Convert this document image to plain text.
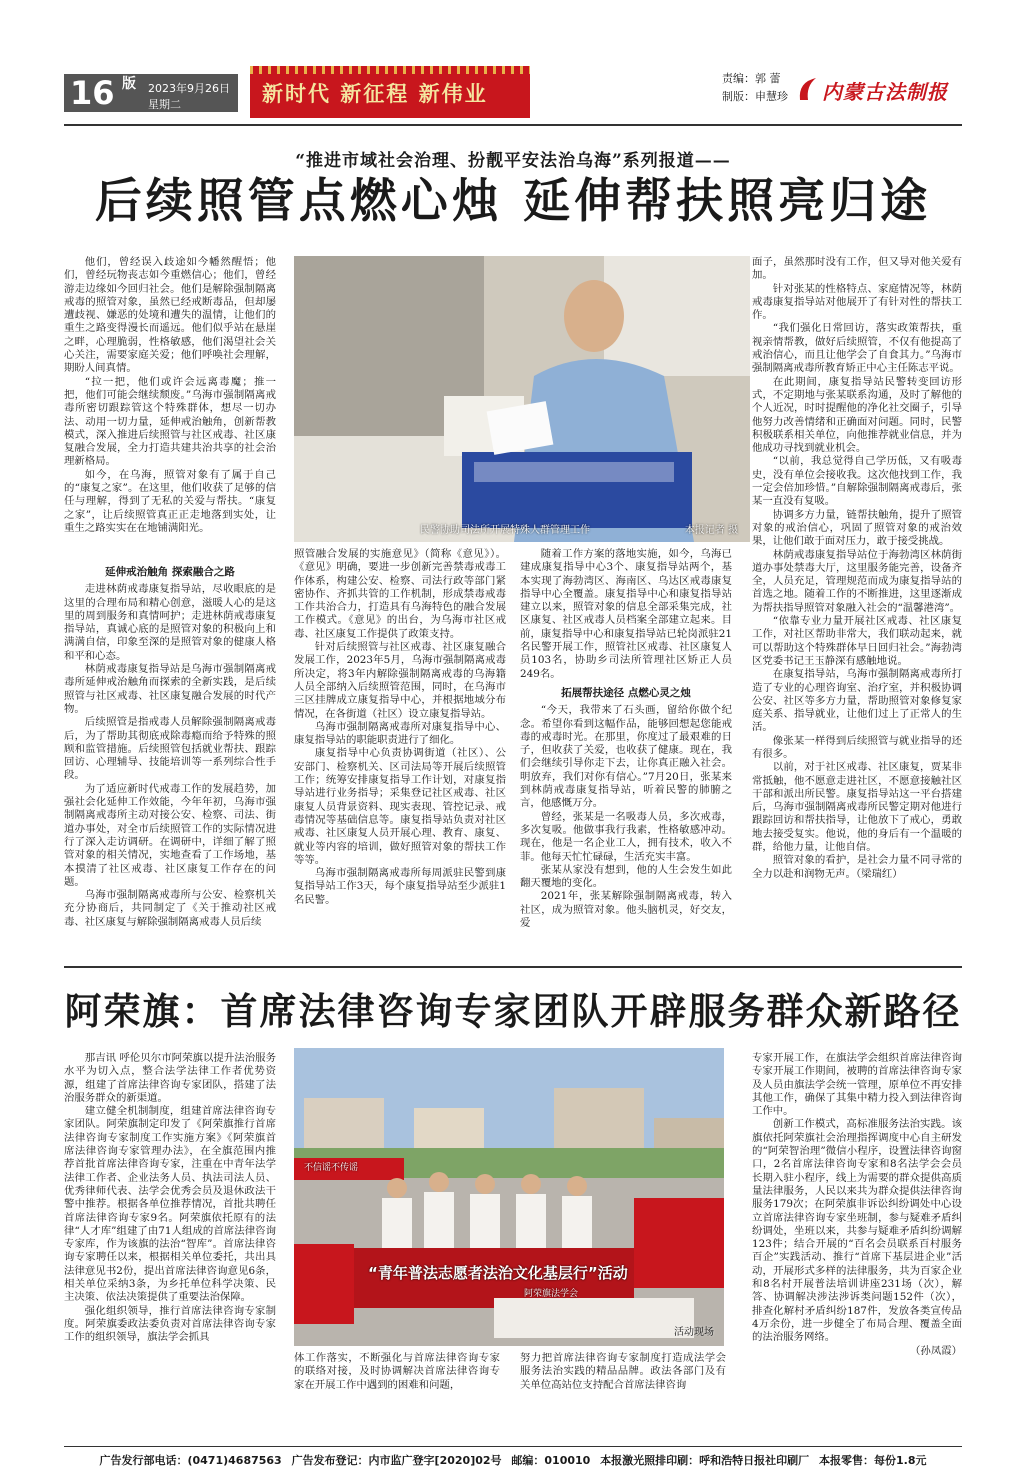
16 版 2023年9月26日
星期二	新时代 新征程 新伟业
责编：郭 蕾
制版：申慧珍 内蒙古法制报
“推进市域社会治理、扮靓平安法治乌海”系列报道——
后续照管点燃心烛 延伸帮扶照亮归途

他们，曾经误入歧途如今幡然醒悟；他们，曾经玩物丧志如今重燃信心；他们，曾经游走边缘如今回归社会。他们是解除强制隔离戒毒的照管对象，虽然已经戒断毒品，但却屡遭歧视、嫌恶的处境和遭失的温情，让他们的重生之路变得漫长而遥远。他们似乎站在悬崖之畔，心理脆弱，性格敏感，他们渴望社会关心关注，需要家庭关爱；他们呼唤社会理解，期盼人间真情。

“拉一把，他们或许会远离毒魔；推一把，他们可能会继续颓废。”乌海市强制隔离戒毒所密切跟踪管这个特殊群体，想尽一切办法、动用一切力量，延伸戒治触角，创新帮教模式，深入推进后续照管与社区戒毒、社区康复融合发展，全力打造共建共治共享的社会治理新格局。

如今，在乌海，照管对象有了属于自己的“康复之家”。在这里，他们收获了足够的信任与理解，得到了无私的关爱与帮扶。“康复之家”，让后续照管真正正走地落到实处，让重生之路实实在在地铺满阳光。	民警协助司法所开展特殊人群管理工作	本报记者 摄

延伸戒治触角 探索融合之路

走进林荫戒毒康复指导站，尽收眼底的是这里的合理布局和精心创意，滋暖人心的是这里的周到服务和真情呵护；走进林荫戒毒康复指导站，真诚心底的是照管对象的积极向上和满满自信，印象至深的是照管对象的健康人格和平和心态。

林荫戒毒康复指导站是乌海市强制隔离戒毒所延伸戒治触角而探索的全新实践，是后续照管与社区戒毒、社区康复融合发展的时代产物。

后续照管是指戒毒人员解除强制隔离戒毒后，为了帮助其彻底戒除毒瘾而给予特殊的照顾和监管措施。后续照管包括就业帮扶、跟踪回访、心理辅导、技能培训等一系列综合性手段。

为了适应新时代戒毒工作的发展趋势，加强社会化延伸工作效能，今年年初，乌海市强制隔离戒毒所主动对接公安、检察、司法、街道办事处，对全市后续照管工作的实际情况进行了深入走访调研。在调研中，详细了解了照管对象的相关情况，实地查看了工作场地，基本摸清了社区戒毒、社区康复工作存在的问题。

乌海市强制隔离戒毒所与公安、检察机关充分协商后，共同制定了《关于推动社区戒毒、社区康复与解除强制隔离戒毒人员后续

照管融合发展的实施意见》（简称《意见》）。《意见》明确，要进一步创新完善禁毒戒毒工作体系，构建公安、检察、司法行政等部门紧密协作、齐抓共管的工作机制，形成禁毒戒毒工作共治合力，打造具有乌海特色的融合发展工作模式。《意见》的出台，为乌海市社区戒毒、社区康复工作提供了政策支持。

针对后续照管与社区戒毒、社区康复融合发展工作，2023年5月，乌海市强制隔离戒毒所决定，将3年内解除强制隔离戒毒的乌海籍人员全部纳入后续照管范围，同时，在乌海市三区挂牌成立康复指导中心，并根据地域分布情况，在各街道（社区）设立康复指导站。

乌海市强制隔离戒毒所对康复指导中心、康复指导站的职能职责进行了细化。

康复指导中心负责协调街道（社区）、公安部门、检察机关、区司法局等开展后续照管工作；统筹安排康复指导工作计划，对康复指导站进行业务指导；采集登记社区戒毒、社区康复人员背景资料、现实表现、管控记录、戒毒情况等基础信息等。康复指导站负责对社区戒毒、社区康复人员开展心理、教育、康复、就业等内容的培训，做好照管对象的帮扶工作等等。

乌海市强制隔离戒毒所每周派驻民警到康复指导站工作3天，每个康复指导站至少派驻1名民警。

随着工作方案的落地实施，如今，乌海已建成康复指导中心3个、康复指导站两个，基本实现了海勃湾区、海南区、乌达区戒毒康复指导中心全覆盖。康复指导中心和康复指导站建立以来，照管对象的信息全部采集完成，社区康复、社区戒毒人员档案全部建立起来。目前，康复指导中心和康复指导站已轮岗派驻21名民警开展工作，照管社区戒毒、社区康复人员103名，协助乡司法所管理社区矫正人员249名。

拓展帮扶途径 点燃心灵之烛

“今天，我带来了石头画，留给你做个纪念。希望你看到这幅作品，能够回想起您能戒毒的戒毒时光。在那里，你度过了最艰难的日子，但收获了关爱，也收获了健康。现在，我们会继续引导你走下去，让你真正融入社会。明放弃，我们对你有信心。”7月20日，张某来到林荫戒毒康复指导站，听着民警的肺腑之言，他感慨万分。

曾经，张某是一名吸毒人员，多次戒毒，多次复吸。他做事我行我素，性格敏感冲动。现在，他是一名企业工人，拥有技术，收入不菲。他每天忙忙碌碌，生活充实丰富。

张某从家没有想到，他的人生会发生如此翻天覆地的变化。

2021年，张某解除强制隔离戒毒，转入社区，成为照管对象。他头脑机灵，好交友，爱

面子，虽然那时没有工作，但又导对他关爱有加。

针对张某的性格特点、家庭情况等，林荫戒毒康复指导站对他展开了有针对性的帮扶工作。

“我们强化日常回访，落实政策帮扶，重视亲情帮教，做好后续照管，不仅有他提高了戒治信心，而且让他学会了自食其力。”乌海市强制隔离戒毒所教育矫正中心主任陈志平说。

在此期间，康复指导站民警转变回访形式，不定期地与张某联系沟通，及时了解他的个人近况，时时提醒他的净化社交圈子，引导他努力改善情绪和正确面对问题。同时，民警积极联系相关单位，向他推荐就业信息，并为他成功寻找到就业机会。

“以前，我总觉得自己学历低，又有吸毒史，没有单位会接收我。这次他找到工作，我一定会倍加珍惜。”自解除强制隔离戒毒后，张某一直没有复吸。

协调多方力量，链帮扶触角，提升了照管对象的戒治信心，巩固了照管对象的戒治效果，让他们敢于面对压力，敢于接受挑战。

林荫戒毒康复指导站位于海勃湾区林荫街道办事处禁毒大厅，这里服务能完善，设备齐全，人员充足，管理规范而成为康复指导站的首选之地。随着工作的不断推进，这里逐渐成为帮扶指导照管对象融入社会的“温馨港湾”。

“依靠专业力量开展社区戒毒、社区康复工作，对社区帮助非常大，我们联动起来，就可以帮助这个特殊群体早日回归社会。”海勃湾区党委书记王玉静深有感触地说。

在康复指导站，乌海市强制隔离戒毒所打造了专业的心理咨询室、治疗室，并积极协调公安、社区等多方力量，帮助照管对象修复家庭关系、指导就业，让他们过上了正常人的生活。

像张某一样得到后续照管与就业指导的还有很多。

以前，对于社区戒毒、社区康复，贾某非常抵触，他不愿意走进社区，不愿意接触社区干部和派出所民警。康复指导站这一平台搭建后，乌海市强制隔离戒毒所民警定期对他进行跟踪回访和帮扶指导，让他放下了戒心，勇敢地去接受复实。他说，他的身后有一个温暖的群，给他力量，让他自信。

照管对象的看护，是社会力量不同寻常的全力以赴和润物无声。（梁瑞红）

阿荣旗：首席法律咨询专家团队开辟服务群众新路径

那吉讯 呼伦贝尔市阿荣旗以提升法治服务水平为切入点，整合法学法律工作者优势资源，组建了首席法律咨询专家团队，搭建了法治服务群众的新渠道。

建立健全机制制度，组建首席法律咨询专家团队。阿荣旗制定印发了《阿荣旗推行首席法律咨询专家制度工作实施方案》《阿荣旗首席法律咨询专家管理办法》，在全旗范围内推荐首批首席法律咨询专家，注重在中青年法学法律工作者、企业法务人员、执法司法人员、优秀律师代表、法学会优秀会员及退休政法干警中推荐。根据各单位推荐情况，首批共聘任首席法律咨询专家9名。阿荣旗依托原有的法律“人才库”组建了由71人组成的首席法律咨询专家库，作为该旗的法治“智库”。首席法律咨询专家聘任以来，根据相关单位委托，共出具法律意见书2份，提出首席法律咨询意见6条，相关单位采纳3条，为乡托单位科学决策、民主决策、依法决策提供了重要法治保障。

强化组织领导，推行首席法律咨询专家制度。阿荣旗委政法委负责对首席法律咨询专家工作的组织领导，旗法学会抓具

不信谣不传谣
“青年普法志愿者法治文化基层行”活动
阿荣旗法学会
活动现场

体工作落实，不断强化与首席法律咨询专家的联络对接，及时协调解决首席法律咨询专家在开展工作中遇到的困难和问题，

努力把首席法律咨询专家制度打造成法学会服务法治实践的精品品牌。政法各部门及有关单位高站位支持配合首席法律咨询

专家开展工作，在旗法学会组织首席法律咨询专家开展工作期间，被聘的首席法律咨询专家及人员由旗法学会统一管理，原单位不再安排其他工作，确保了其集中精力投入到法律咨询工作中。

创新工作模式，高标准服务法治实践。该旗依托阿荣旗社会治理指挥调度中心自主研发的“阿荣智治理”微信小程序，设置法律咨询窗口，2名首席法律咨询专家和8名法学会会员长期入驻小程序，线上为需要的群众提供高质量法律服务，人民以来共为群众提供法律咨询服务179次；在阿荣旗非诉讼纠纷调处中心设立首席法律咨询专家坐班制，参与疑难矛盾纠纷调处，坐班以来，共参与疑难矛盾纠纷调解123件；结合开展的“百名会员联系百村服务百企”实践活动、推行“首席下基层进企业”活动，开展形式多样的法律服务，共为百家企业和8名村开展普法培训讲座231场（次），解答、协调解决涉法涉诉类问题152件（次），排查化解村矛盾纠纷187件，发放各类宣传品4万余份，进一步健全了布局合理、覆盖全面的法治服务网络。

（孙凤霞）

广告发行部电话：(0471)4687563 广告发布登记：内市监广登字[2020]02号 邮编：010010 本报激光照排印刷：呼和浩特日报社印刷厂 本报零售：每份1.8元
